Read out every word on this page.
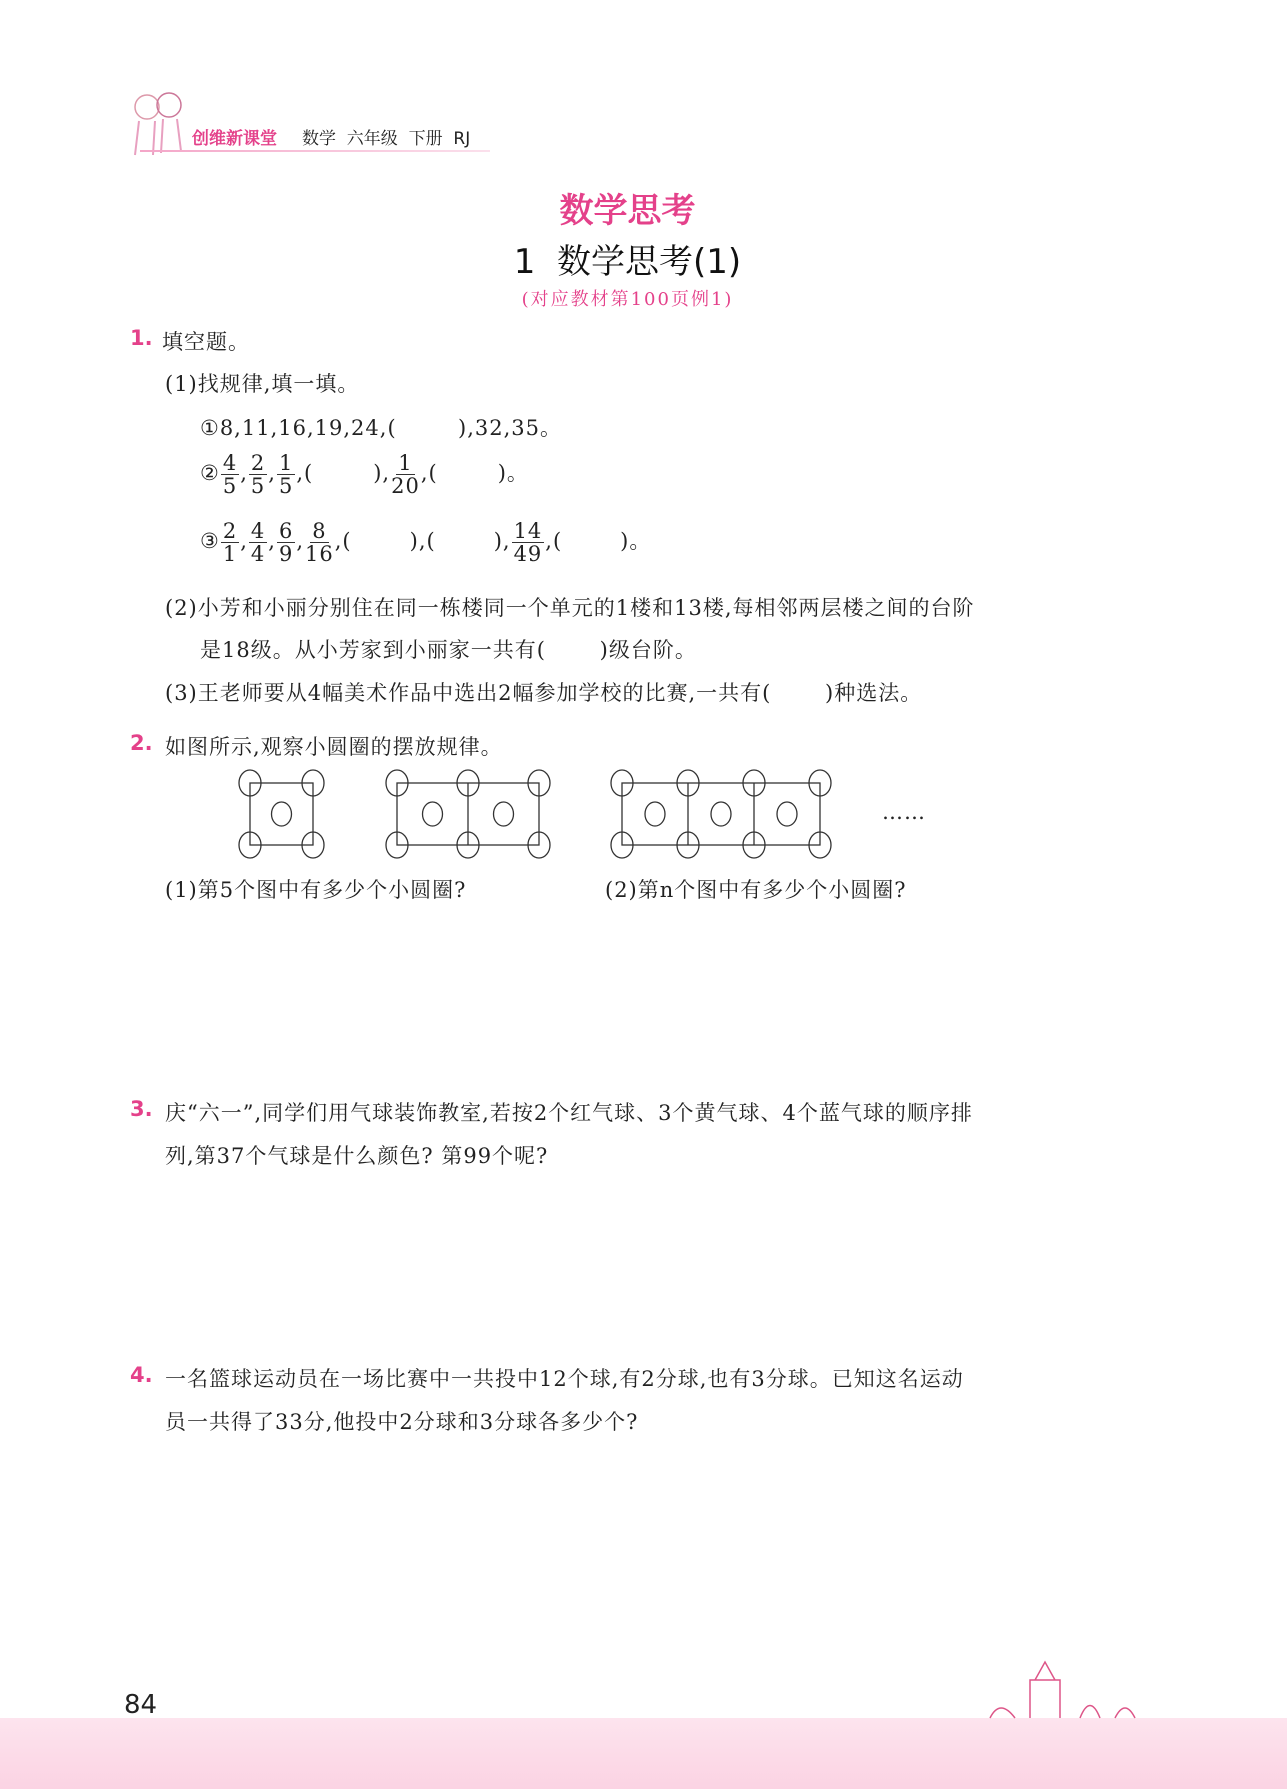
创维新课堂 数学  六年级  下册  RJ
数学思考
1  数学思考(1)
(对应教材第100页例1)
1. 填空题。
(1)找规律,填一填。
①8,11,16,19,24,(        ),32,35。
② $\frac{4}{5}$ , $\frac{2}{5}$ , $\frac{1}{5}$ ,(	), $\frac{1}{20}$ ,(	)。
③ $\frac{2}{1}$ , $\frac{4}{4}$ , $\frac{6}{9}$ , $\frac{8}{16}$ ,(	),(	), $\frac{14}{49}$ ,(	)。
(2)小芳和小丽分别住在同一栋楼同一个单元的1楼和13楼,每相邻两层楼之间的台阶
是18级。从小芳家到小丽家一共有(       )级台阶。
(3)王老师要从4幅美术作品中选出2幅参加学校的比赛,一共有(       )种选法。
2. 如图所示,观察小圆圈的摆放规律。
……
(1)第5个图中有多少个小圆圈?	(2)第n个图中有多少个小圆圈?
3. 庆“六一”,同学们用气球装饰教室,若按2个红气球、3个黄气球、4个蓝气球的顺序排
列,第37个气球是什么颜色? 第99个呢?
4. 一名篮球运动员在一场比赛中一共投中12个球,有2分球,也有3分球。已知这名运动
员一共得了33分,他投中2分球和3分球各多少个?
84
